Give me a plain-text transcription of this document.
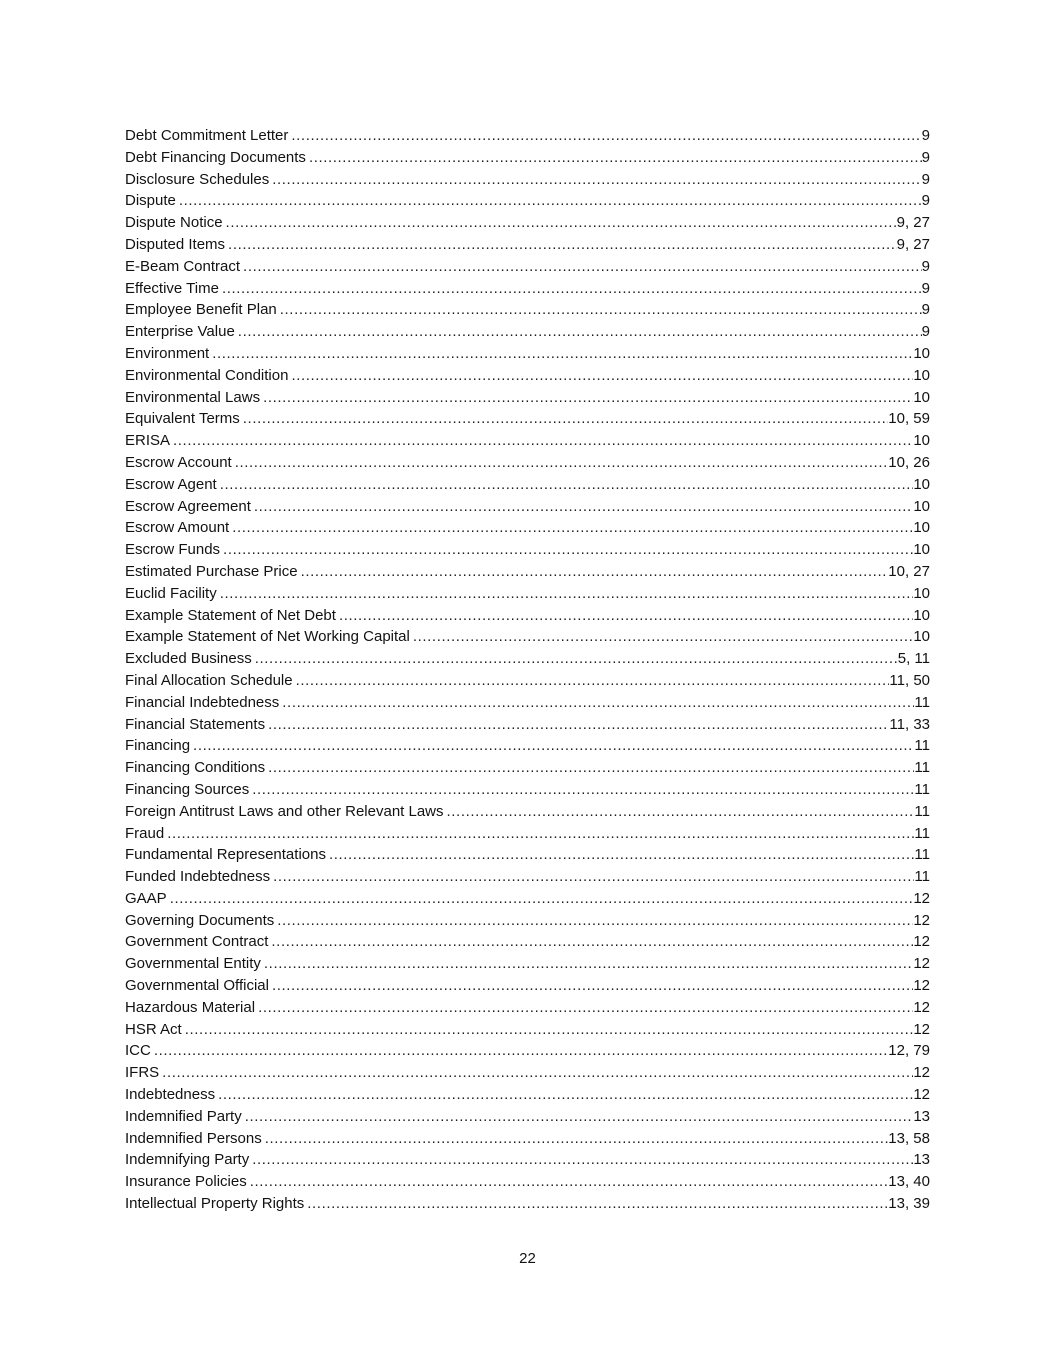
Debt Commitment Letter .....	9
Debt Financing Documents .....	9
Disclosure Schedules .....	9
Dispute .....	9
Dispute Notice .....	9, 27
Disputed Items .....	9, 27
E-Beam Contract .....	9
Effective Time .....	9
Employee Benefit Plan .....	9
Enterprise Value .....	9
Environment .....	10
Environmental Condition .....	10
Environmental Laws .....	10
Equivalent Terms .....	10, 59
ERISA .....	10
Escrow Account .....	10, 26
Escrow Agent .....	10
Escrow Agreement .....	10
Escrow Amount .....	10
Escrow Funds .....	10
Estimated Purchase Price .....	10, 27
Euclid Facility .....	10
Example Statement of Net Debt .....	10
Example Statement of Net Working Capital .....	10
Excluded Business .....	5, 11
Final Allocation Schedule .....	11, 50
Financial Indebtedness .....	11
Financial Statements .....	11, 33
Financing .....	11
Financing Conditions .....	11
Financing Sources .....	11
Foreign Antitrust Laws and other Relevant Laws .....	11
Fraud .....	11
Fundamental Representations .....	11
Funded Indebtedness .....	11
GAAP .....	12
Governing Documents .....	12
Government Contract .....	12
Governmental Entity .....	12
Governmental Official .....	12
Hazardous Material .....	12
HSR Act .....	12
ICC .....	12, 79
IFRS .....	12
Indebtedness .....	12
Indemnified Party .....	13
Indemnified Persons .....	13, 58
Indemnifying Party .....	13
Insurance Policies .....	13, 40
Intellectual Property Rights .....	13, 39
22
